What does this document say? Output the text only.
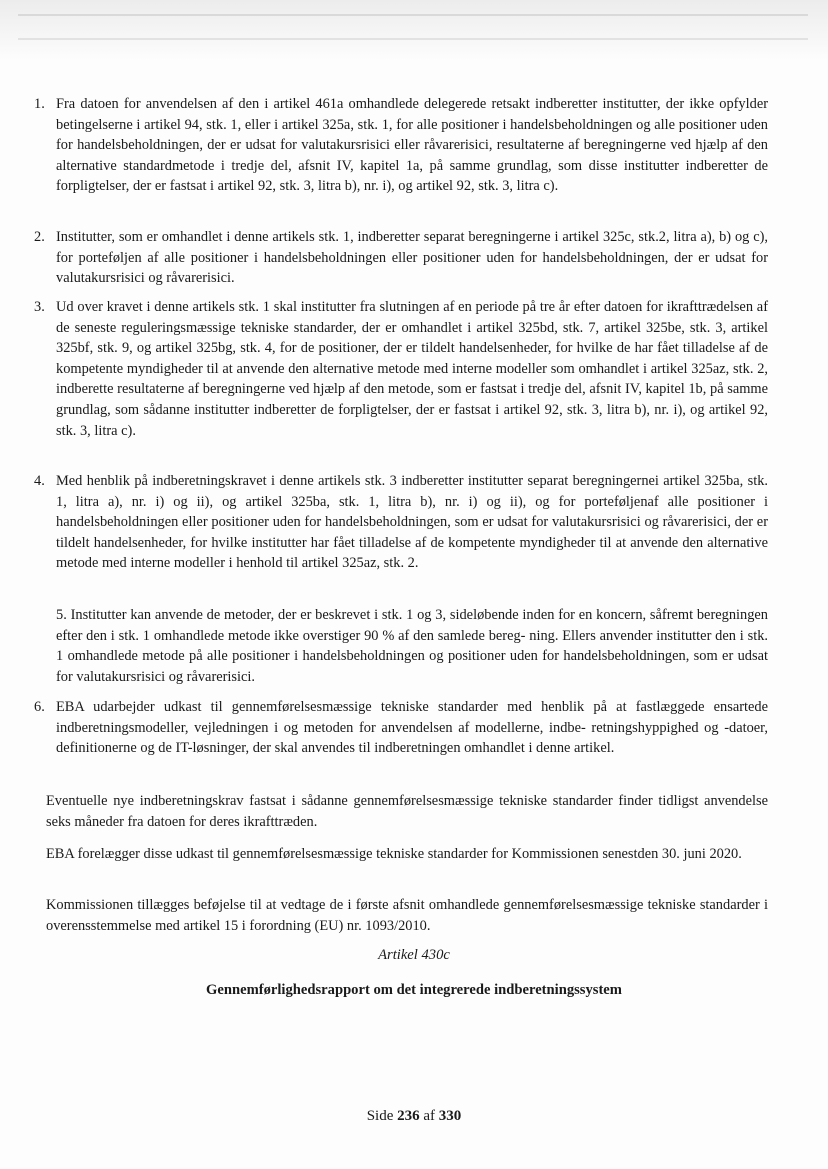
1. Fra datoen for anvendelsen af den i artikel 461a omhandlede delegerede retsakt indberetter institutter, der ikke opfylder betingelserne i artikel 94, stk. 1, eller i artikel 325a, stk. 1, for alle positioner i handelsbeholdningen og alle positioner uden for handelsbeholdningen, der er udsat for valutakursrisici eller råvarerisici, resultaterne af beregningerne ved hjælp af den alternative standardmetode i tredje del, afsnit IV, kapitel 1a, på samme grundlag, som disse institutter indberetter de forpligtelser, der er fastsat i artikel 92, stk. 3, litra b), nr. i), og artikel 92, stk. 3, litra c).
2. Institutter, som er omhandlet i denne artikels stk. 1, indberetter separat beregningerne i artikel 325c, stk.2, litra a), b) og c), for porteføljen af alle positioner i handelsbeholdningen eller positioner uden for handelsbeholdningen, der er udsat for valutakursrisici og råvarerisici.
3. Ud over kravet i denne artikels stk. 1 skal institutter fra slutningen af en periode på tre år efter datoen for ikrafttrædelsen af de seneste reguleringsmæssige tekniske standarder, der er omhandlet i artikel 325bd, stk. 7, artikel 325be, stk. 3, artikel 325bf, stk. 9, og artikel 325bg, stk. 4, for de positioner, der er tildelt handelsenheder, for hvilke de har fået tilladelse af de kompetente myndigheder til at anvende den alternative metode med interne modeller som omhandlet i artikel 325az, stk. 2, indberette resultaterne af beregningerne ved hjælp af den metode, som er fastsat i tredje del, afsnit IV, kapitel 1b, på samme grundlag, som sådanne institutter indberetter de forpligtelser, der er fastsat i artikel 92, stk. 3, litra b), nr. i), og artikel 92, stk. 3, litra c).
4. Med henblik på indberetningskravet i denne artikels stk. 3 indberetter institutter separat beregningernei artikel 325ba, stk. 1, litra a), nr. i) og ii), og artikel 325ba, stk. 1, litra b), nr. i) og ii), og for porteføljenaf alle positioner i handelsbeholdningen eller positioner uden for handelsbeholdningen, som er udsat for valutakursrisici og råvarerisici, der er tildelt handelsenheder, for hvilke institutter har fået tilladelse af de kompetente myndigheder til at anvende den alternative metode med interne modeller i henhold til artikel 325az, stk. 2.
5. Institutter kan anvende de metoder, der er beskrevet i stk. 1 og 3, sideløbende inden for en koncern, såfremt beregningen efter den i stk. 1 omhandlede metode ikke overstiger 90 % af den samlede bereg- ning. Ellers anvender institutter den i stk. 1 omhandlede metode på alle positioner i handelsbeholdningen og positioner uden for handelsbeholdningen, som er udsat for valutakursrisici og råvarerisici.
6. EBA udarbejder udkast til gennemførelsesmæssige tekniske standarder med henblik på at fastlæggede ensartede indberetningsmodeller, vejledningen i og metoden for anvendelsen af modellerne, indbe- retningshyppighed og -datoer, definitionerne og de IT-løsninger, der skal anvendes til indberetningen omhandlet i denne artikel.
Eventuelle nye indberetningskrav fastsat i sådanne gennemførelsesmæssige tekniske standarder finder tidligst anvendelse seks måneder fra datoen for deres ikrafttræden.
EBA forelægger disse udkast til gennemførelsesmæssige tekniske standarder for Kommissionen senestden 30. juni 2020.
Kommissionen tillægges beføjelse til at vedtage de i første afsnit omhandlede gennemførelsesmæssige tekniske standarder i overensstemmelse med artikel 15 i forordning (EU) nr. 1093/2010.
Artikel 430c
Gennemførlighedsrapport om det integrerede indberetningssystem
Side 236 af 330
